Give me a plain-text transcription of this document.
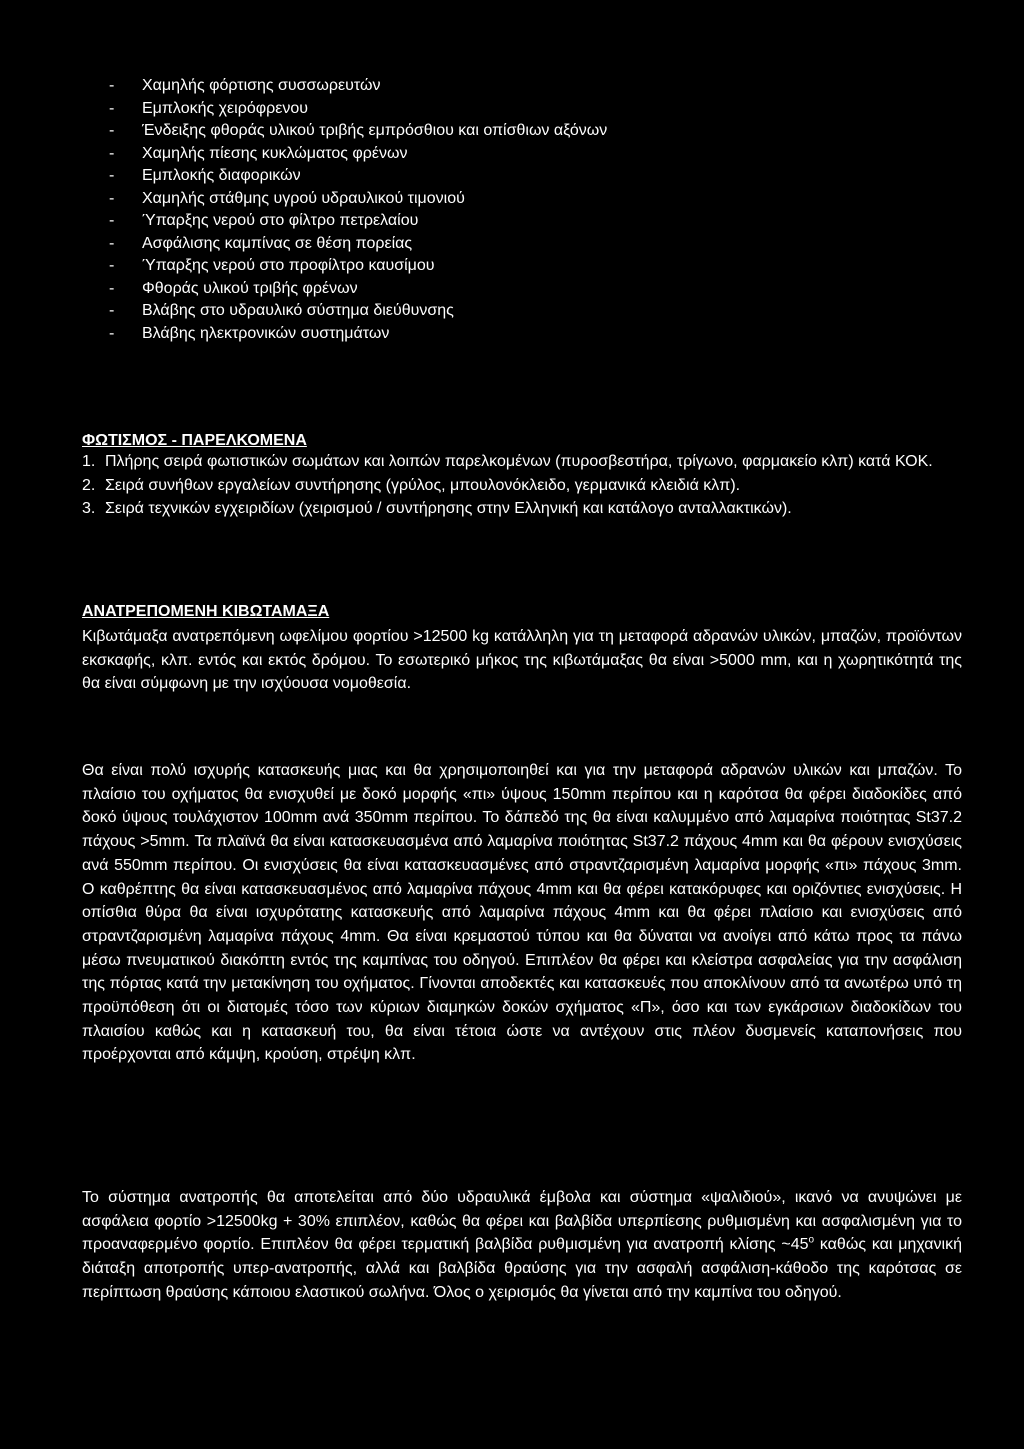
- Χαμηλής φόρτισης συσσωρευτών
- Εμπλοκής χειρόφρενου
- Ένδειξης φθοράς υλικού τριβής εμπρόσθιου και οπίσθιων αξόνων
- Χαμηλής πίεσης κυκλώματος φρένων
- Εμπλοκής διαφορικών
- Χαμηλής στάθμης υγρού υδραυλικού τιμονιού
- Ύπαρξης νερού στο φίλτρο πετρελαίου
- Ασφάλισης καμπίνας σε θέση πορείας
- Ύπαρξης νερού στο προφίλτρο καυσίμου
- Φθοράς υλικού τριβής φρένων
- Βλάβης στο υδραυλικό σύστημα διεύθυνσης
- Βλάβης ηλεκτρονικών συστημάτων

ΦΩΤΙΣΜΟΣ - ΠΑΡΕΛΚΟΜΕΝΑ

1. Πλήρης σειρά φωτιστικών σωμάτων και λοιπών παρελκομένων (πυροσβεστήρα, τρίγωνο, φαρμακείο κλπ) κατά ΚΟΚ.
2. Σειρά συνήθων εργαλείων συντήρησης (γρύλος, μπουλονόκλειδο, γερμανικά κλειδιά κλπ).
3. Σειρά τεχνικών εγχειριδίων (χειρισμού / συντήρησης στην Ελληνική και κατάλογο ανταλλακτικών).

ΑΝΑΤΡΕΠΟΜΕΝΗ ΚΙΒΩΤΑΜΑΞΑ

Κιβωτάμαξα ανατρεπόμενη ωφελίμου φορτίου >12500 kg κατάλληλη για τη μεταφορά αδρανών υλικών, μπαζών, προϊόντων εκσκαφής, κλπ. εντός και εκτός δρόμου. Το εσωτερικό μήκος της κιβωτάμαξας θα είναι >5000 mm, και η χωρητικότητά της θα είναι σύμφωνη με την ισχύουσα νομοθεσία.

Θα είναι πολύ ισχυρής κατασκευής μιας και θα χρησιμοποιηθεί και για την μεταφορά αδρανών υλικών και μπαζών. Το πλαίσιο του οχήματος θα ενισχυθεί με δοκό μορφής «πι» ύψους 150mm περίπου και η καρότσα θα φέρει διαδοκίδες από δοκό ύψους τουλάχιστον 100mm ανά 350mm περίπου. Το δάπεδό της θα είναι καλυμμένο από λαμαρίνα ποιότητας St37.2 πάχους >5mm. Τα πλαϊνά θα είναι κατασκευασμένα από λαμαρίνα ποιότητας St37.2 πάχους 4mm και θα φέρουν ενισχύσεις ανά 550mm περίπου. Οι ενισχύσεις θα είναι κατασκευασμένες από στραντζαρισμένη λαμαρίνα μορφής «πι» πάχους 3mm. Ο καθρέπτης θα είναι κατασκευασμένος από λαμαρίνα πάχους 4mm και θα φέρει κατακόρυφες και οριζόντιες ενισχύσεις. Η οπίσθια θύρα θα είναι ισχυρότατης κατασκευής από λαμαρίνα πάχους 4mm και θα φέρει πλαίσιο και ενισχύσεις από στραντζαρισμένη λαμαρίνα πάχους 4mm. Θα είναι κρεμαστού τύπου και θα δύναται να ανοίγει από κάτω προς τα πάνω μέσω πνευματικού διακόπτη εντός της καμπίνας του οδηγού. Επιπλέον θα φέρει και κλείστρα ασφαλείας για την ασφάλιση της πόρτας κατά την μετακίνηση του οχήματος. Γίνονται αποδεκτές και κατασκευές που αποκλίνουν από τα ανωτέρω υπό τη προϋπόθεση ότι οι διατομές τόσο των κύριων διαμηκών δοκών σχήματος «Π», όσο και των εγκάρσιων διαδοκίδων του πλαισίου καθώς και η κατασκευή του, θα είναι τέτοια ώστε να αντέχουν στις πλέον δυσμενείς καταπονήσεις που προέρχονται από κάμψη, κρούση, στρέψη κλπ.

Το σύστημα ανατροπής θα αποτελείται από δύο υδραυλικά έμβολα και σύστημα «ψαλιδιού», ικανό να ανυψώνει με ασφάλεια φορτίο >12500kg + 30% επιπλέον, καθώς θα φέρει και βαλβίδα υπερπίεσης ρυθμισμένη και ασφαλισμένη για το προαναφερμένο φορτίο. Επιπλέον θα φέρει τερματική βαλβίδα ρυθμισμένη για ανατροπή κλίσης ~45$^o$ καθώς και μηχανική διάταξη αποτροπής υπερ-ανατροπής, αλλά και βαλβίδα θραύσης για την ασφαλή ασφάλιση-κάθοδο της καρότσας σε περίπτωση θραύσης κάποιου ελαστικού σωλήνα. Όλος ο χειρισμός θα γίνεται από την καμπίνα του οδηγού.
